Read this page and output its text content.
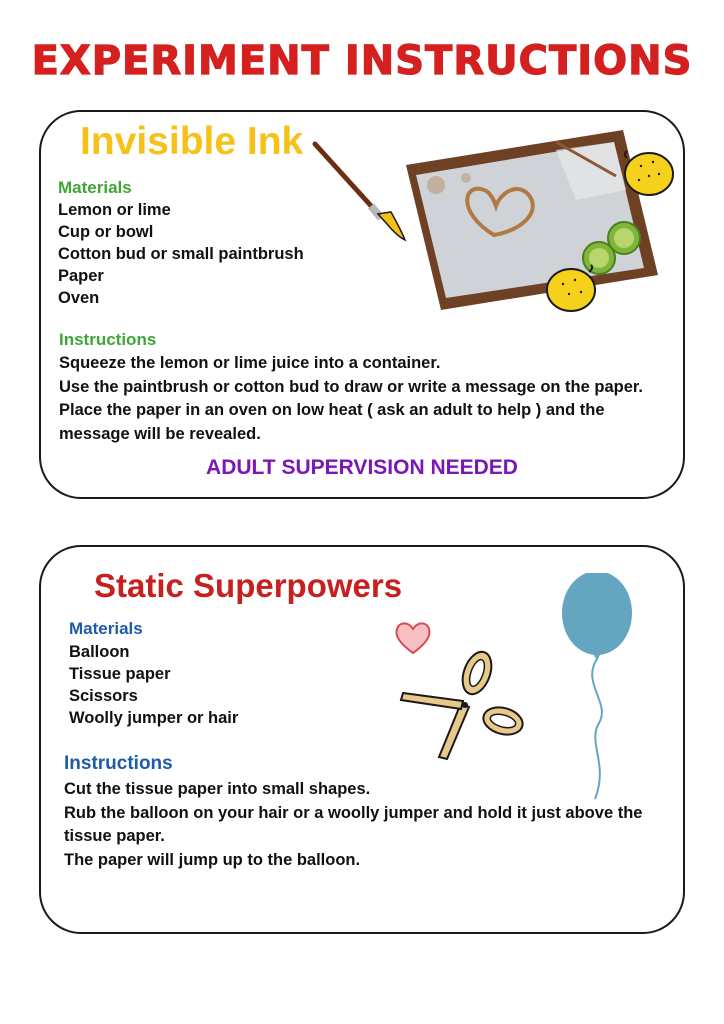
EXPERIMENT INSTRUCTIONS
Invisible Ink

Materials

Lemon or lime
Cup or bowl
Cotton bud or small paintbrush
Paper
Oven

Instructions

Squeeze the lemon or lime juice into a container.
Use the paintbrush or cotton bud to draw or write a message on the paper.
Place the paper in an oven on low heat ( ask an adult to help ) and the message will be revealed.

ADULT SUPERVISION NEEDED

Static Superpowers

Materials

Balloon
Tissue paper
Scissors
Woolly jumper or hair

Instructions

Cut the tissue paper into small shapes.
Rub the balloon on your hair or a woolly jumper and hold it just above the tissue paper.
The paper will jump up to the balloon.
